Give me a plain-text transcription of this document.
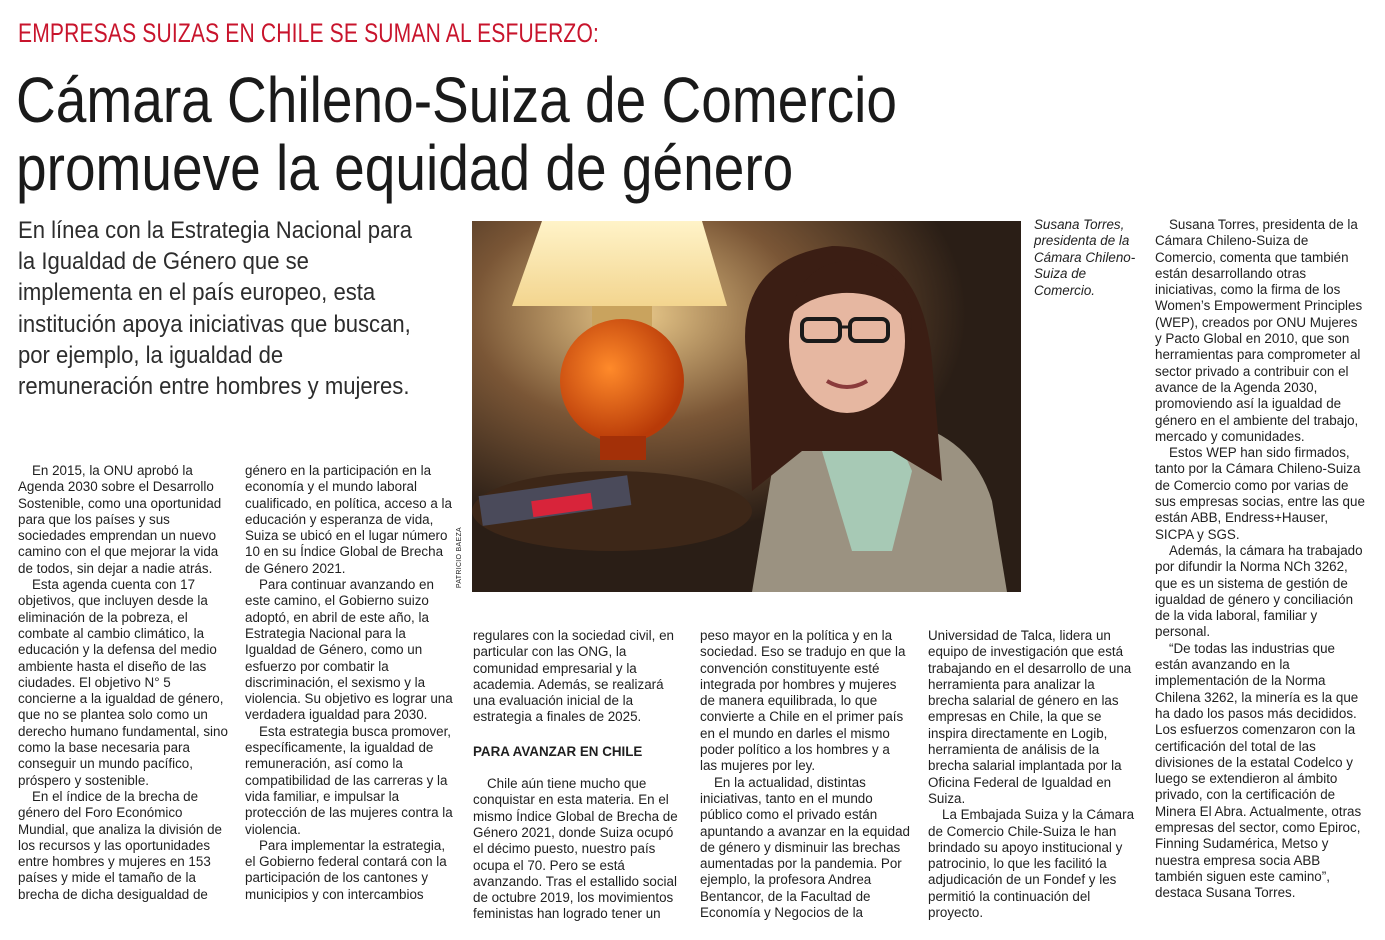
EMPRESAS SUIZAS EN CHILE SE SUMAN AL ESFUERZO:
Cámara Chileno-Suiza de Comercio
promueve la equidad de género
En línea con la Estrategia Nacional para la Igualdad de Género que se implementa en el país europeo, esta institución apoya iniciativas que buscan, por ejemplo, la igualdad de remuneración entre hombres y mujeres.
PATRICIO BAEZA
Susana Torres, presidenta de la Cámara Chileno-Suiza de Comercio.

En 2015, la ONU aprobó la Agenda 2030 sobre el Desarrollo Sostenible, como una oportunidad para que los países y sus sociedades emprendan un nuevo camino con el que mejorar la vida de todos, sin dejar a nadie atrás.

Esta agenda cuenta con 17 objetivos, que incluyen desde la eliminación de la pobreza, el combate al cambio climático, la educación y la defensa del medio ambiente hasta el diseño de las ciudades. El objetivo N° 5 concierne a la igualdad de género, que no se plantea solo como un derecho humano fundamental, sino como la base necesaria para conseguir un mundo pacífico, próspero y sostenible.

En el índice de la brecha de género del Foro Económico Mundial, que analiza la división de los recursos y las oportunidades entre hombres y mujeres en 153 países y mide el tamaño de la brecha de dicha desigualdad de

género en la participación en la economía y el mundo laboral cualificado, en política, acceso a la educación y esperanza de vida, Suiza se ubicó en el lugar número 10 en su Índice Global de Brecha de Género 2021.

Para continuar avanzando en este camino, el Gobierno suizo adoptó, en abril de este año, la Estrategia Nacional para la Igualdad de Género, como un esfuerzo por combatir la discriminación, el sexismo y la violencia. Su objetivo es lograr una verdadera igualdad para 2030.

Esta estrategia busca promover, específicamente, la igualdad de remuneración, así como la compatibilidad de las carreras y la vida familiar, e impulsar la protección de las mujeres contra la violencia.

Para implementar la estrategia, el Gobierno federal contará con la participación de los cantones y municipios y con intercambios

regulares con la sociedad civil, en particular con las ONG, la comunidad empresarial y la academia. Además, se realizará una evaluación inicial de la estrategia a finales de 2025.

PARA AVANZAR EN CHILE

Chile aún tiene mucho que conquistar en esta materia. En el mismo Índice Global de Brecha de Género 2021, donde Suiza ocupó el décimo puesto, nuestro país ocupa el 70. Pero se está avanzando. Tras el estallido social de octubre 2019, los movimientos feministas han logrado tener un

peso mayor en la política y en la sociedad. Eso se tradujo en que la convención constituyente esté integrada por hombres y mujeres de manera equilibrada, lo que convierte a Chile en el primer país en el mundo en darles el mismo poder político a los hombres y a las mujeres por ley.

En la actualidad, distintas iniciativas, tanto en el mundo público como el privado están apuntando a avanzar en la equidad de género y disminuir las brechas aumentadas por la pandemia. Por ejemplo, la profesora Andrea Bentancor, de la Facultad de Economía y Negocios de la

Universidad de Talca, lidera un equipo de investigación que está trabajando en el desarrollo de una herramienta para analizar la brecha salarial de género en las empresas en Chile, la que se inspira directamente en Logib, herramienta de análisis de la brecha salarial implantada por la Oficina Federal de Igualdad en Suiza.

La Embajada Suiza y la Cámara de Comercio Chile-Suiza le han brindado su apoyo institucional y patrocinio, lo que les facilitó la adjudicación de un Fondef y les permitió la continuación del proyecto.

Susana Torres, presidenta de la Cámara Chileno-Suiza de Comercio, comenta que también están desarrollando otras iniciativas, como la firma de los Women’s Empowerment Principles (WEP), creados por ONU Mujeres y Pacto Global en 2010, que son herramientas para comprometer al sector privado a contribuir con el avance de la Agenda 2030, promoviendo así la igualdad de género en el ambiente del trabajo, mercado y comunidades.

Estos WEP han sido firmados, tanto por la Cámara Chileno-Suiza de Comercio como por varias de sus empresas socias, entre las que están ABB, Endress+Hauser, SICPA y SGS.

Además, la cámara ha trabajado por difundir la Norma NCh 3262, que es un sistema de gestión de igualdad de género y conciliación de la vida laboral, familiar y personal.

“De todas las industrias que están avanzando en la implementación de la Norma Chilena 3262, la minería es la que ha dado los pasos más decididos. Los esfuerzos comenzaron con la certificación del total de las divisiones de la estatal Codelco y luego se extendieron al ámbito privado, con la certificación de Minera El Abra. Actualmente, otras empresas del sector, como Epiroc, Finning Sudamérica, Metso y nuestra empresa socia ABB también siguen este camino”, destaca Susana Torres.
